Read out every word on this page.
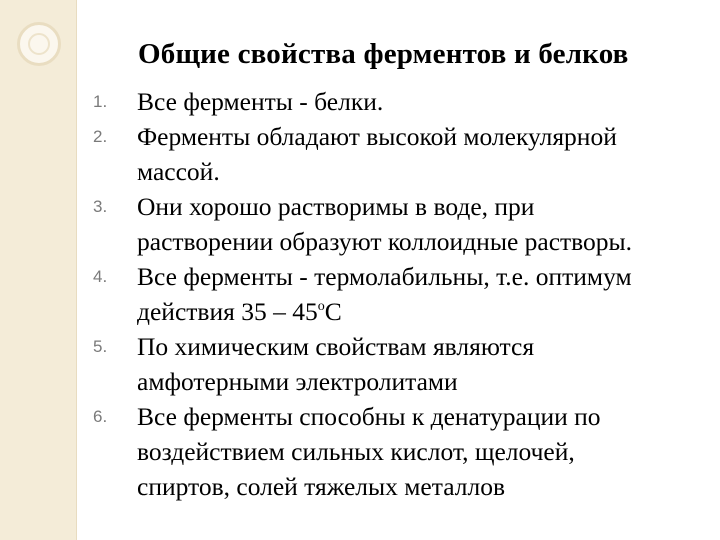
Общие свойства ферментов и белков
1. Все ферменты - белки.
2. Ферменты обладают высокой молекулярной
массой.
3. Они хорошо растворимы в воде, при
растворении образуют коллоидные растворы.
4. Все ферменты - термолабильны, т.е. оптимум
действия $35 - 45^оС$
5. По химическим свойствам являются
амфотерными электролитами
6. Все ферменты способны к денатурации по
воздействием сильных кислот, щелочей,
спиртов, солей тяжелых металлов
